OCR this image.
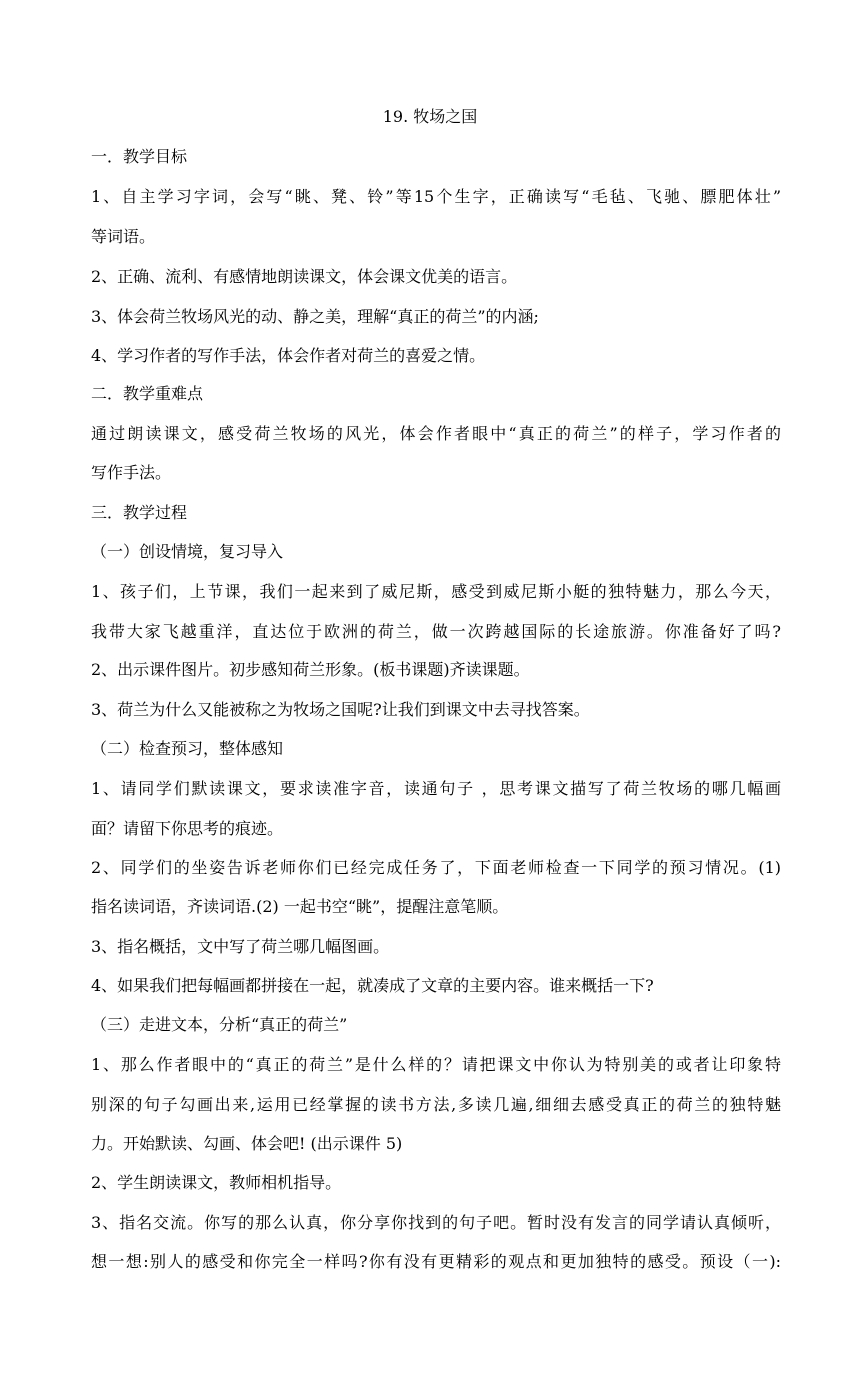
19. 牧场之国
一．教学目标
1、自主学习字词，会写“眺、凳、铃”等15个生字，正确读写“毛毡、飞驰、膘肥体壮”
等词语。
2、正确、流利、有感情地朗读课文，体会课文优美的语言。
3、体会荷兰牧场风光的动、静之美，理解“真正的荷兰”的内涵;
4、学习作者的写作手法，体会作者对荷兰的喜爱之情。
二．教学重难点
通过朗读课文，感受荷兰牧场的风光，体会作者眼中“真正的荷兰”的样子，学习作者的
写作手法。
三．教学过程
（一）创设情境，复习导入
1、孩子们，上节课，我们一起来到了威尼斯，感受到威尼斯小艇的独特魅力，那么今天，
我带大家飞越重洋，直达位于欧洲的荷兰，做一次跨越国际的长途旅游。你准备好了吗?
2、出示课件图片。初步感知荷兰形象。(板书课题)齐读课题。
3、荷兰为什么又能被称之为牧场之国呢?让我们到课文中去寻找答案。
（二）检查预习，整体感知
1、请同学们默读课文，要求读准字音，读通句子 ，思考课文描写了荷兰牧场的哪几幅画
面？请留下你思考的痕迹。
2、同学们的坐姿告诉老师你们已经完成任务了，下面老师检查一下同学的预习情况。(1)
指名读词语，齐读词语.(2) 一起书空“眺”，提醒注意笔顺。
3、指名概括，文中写了荷兰哪几幅图画。
4、如果我们把每幅画都拼接在一起，就凑成了文章的主要内容。谁来概括一下?
（三）走进文本，分析“真正的荷兰”
1、那么作者眼中的“真正的荷兰”是什么样的？请把课文中你认为特别美的或者让印象特
别深的句子勾画出来,运用已经掌握的读书方法,多读几遍,细细去感受真正的荷兰的独特魅
力。开始默读、勾画、体会吧! (出示课件 5)
2、学生朗读课文，教师相机指导。
3、指名交流。你写的那么认真，你分享你找到的句子吧。暂时没有发言的同学请认真倾听，
想一想:别人的感受和你完全一样吗?你有没有更精彩的观点和更加独特的感受。预设（一):
